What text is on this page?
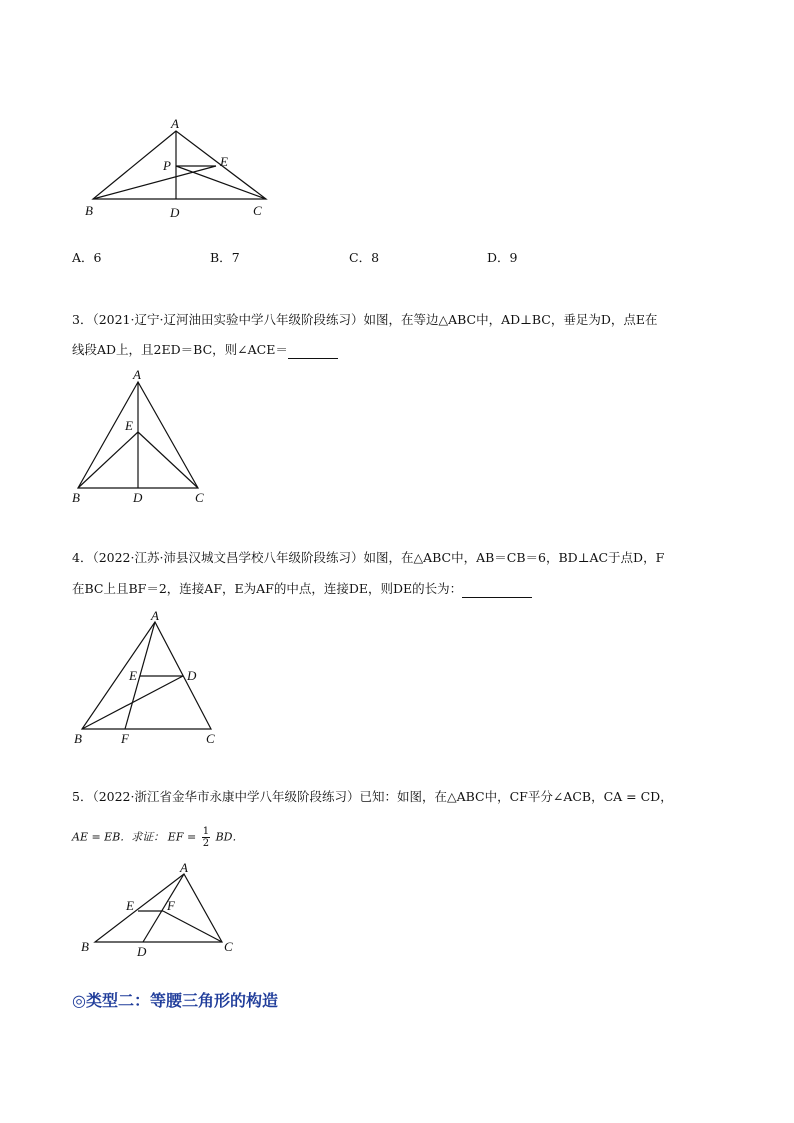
A
P	E
B	D	C
A．6	B．7	C．8	D．9
3．（2021·辽宁·辽河油田实验中学八年级阶段练习）如图，在等边△ABC中，AD⊥BC，垂足为D，点E在
线段AD上，且2ED＝BC，则∠ACE＝
A
E
B	D	C
4．（2022·江苏·沛县汉城文昌学校八年级阶段练习）如图，在△ABC中，AB＝CB＝6，BD⊥AC于点D，F
在BC上且BF＝2，连接AF，E为AF的中点，连接DE，则DE的长为：
A
E	D
B	F	C
5．（2022·浙江省金华市永康中学八年级阶段练习）已知：如图，在△ABC中，CF平分∠ACB，CA = CD，
AE = EB．求证： EF = $\frac{1}{2}$ BD．
A
E	F
B	D	C
◎类型二：等腰三角形的构造
